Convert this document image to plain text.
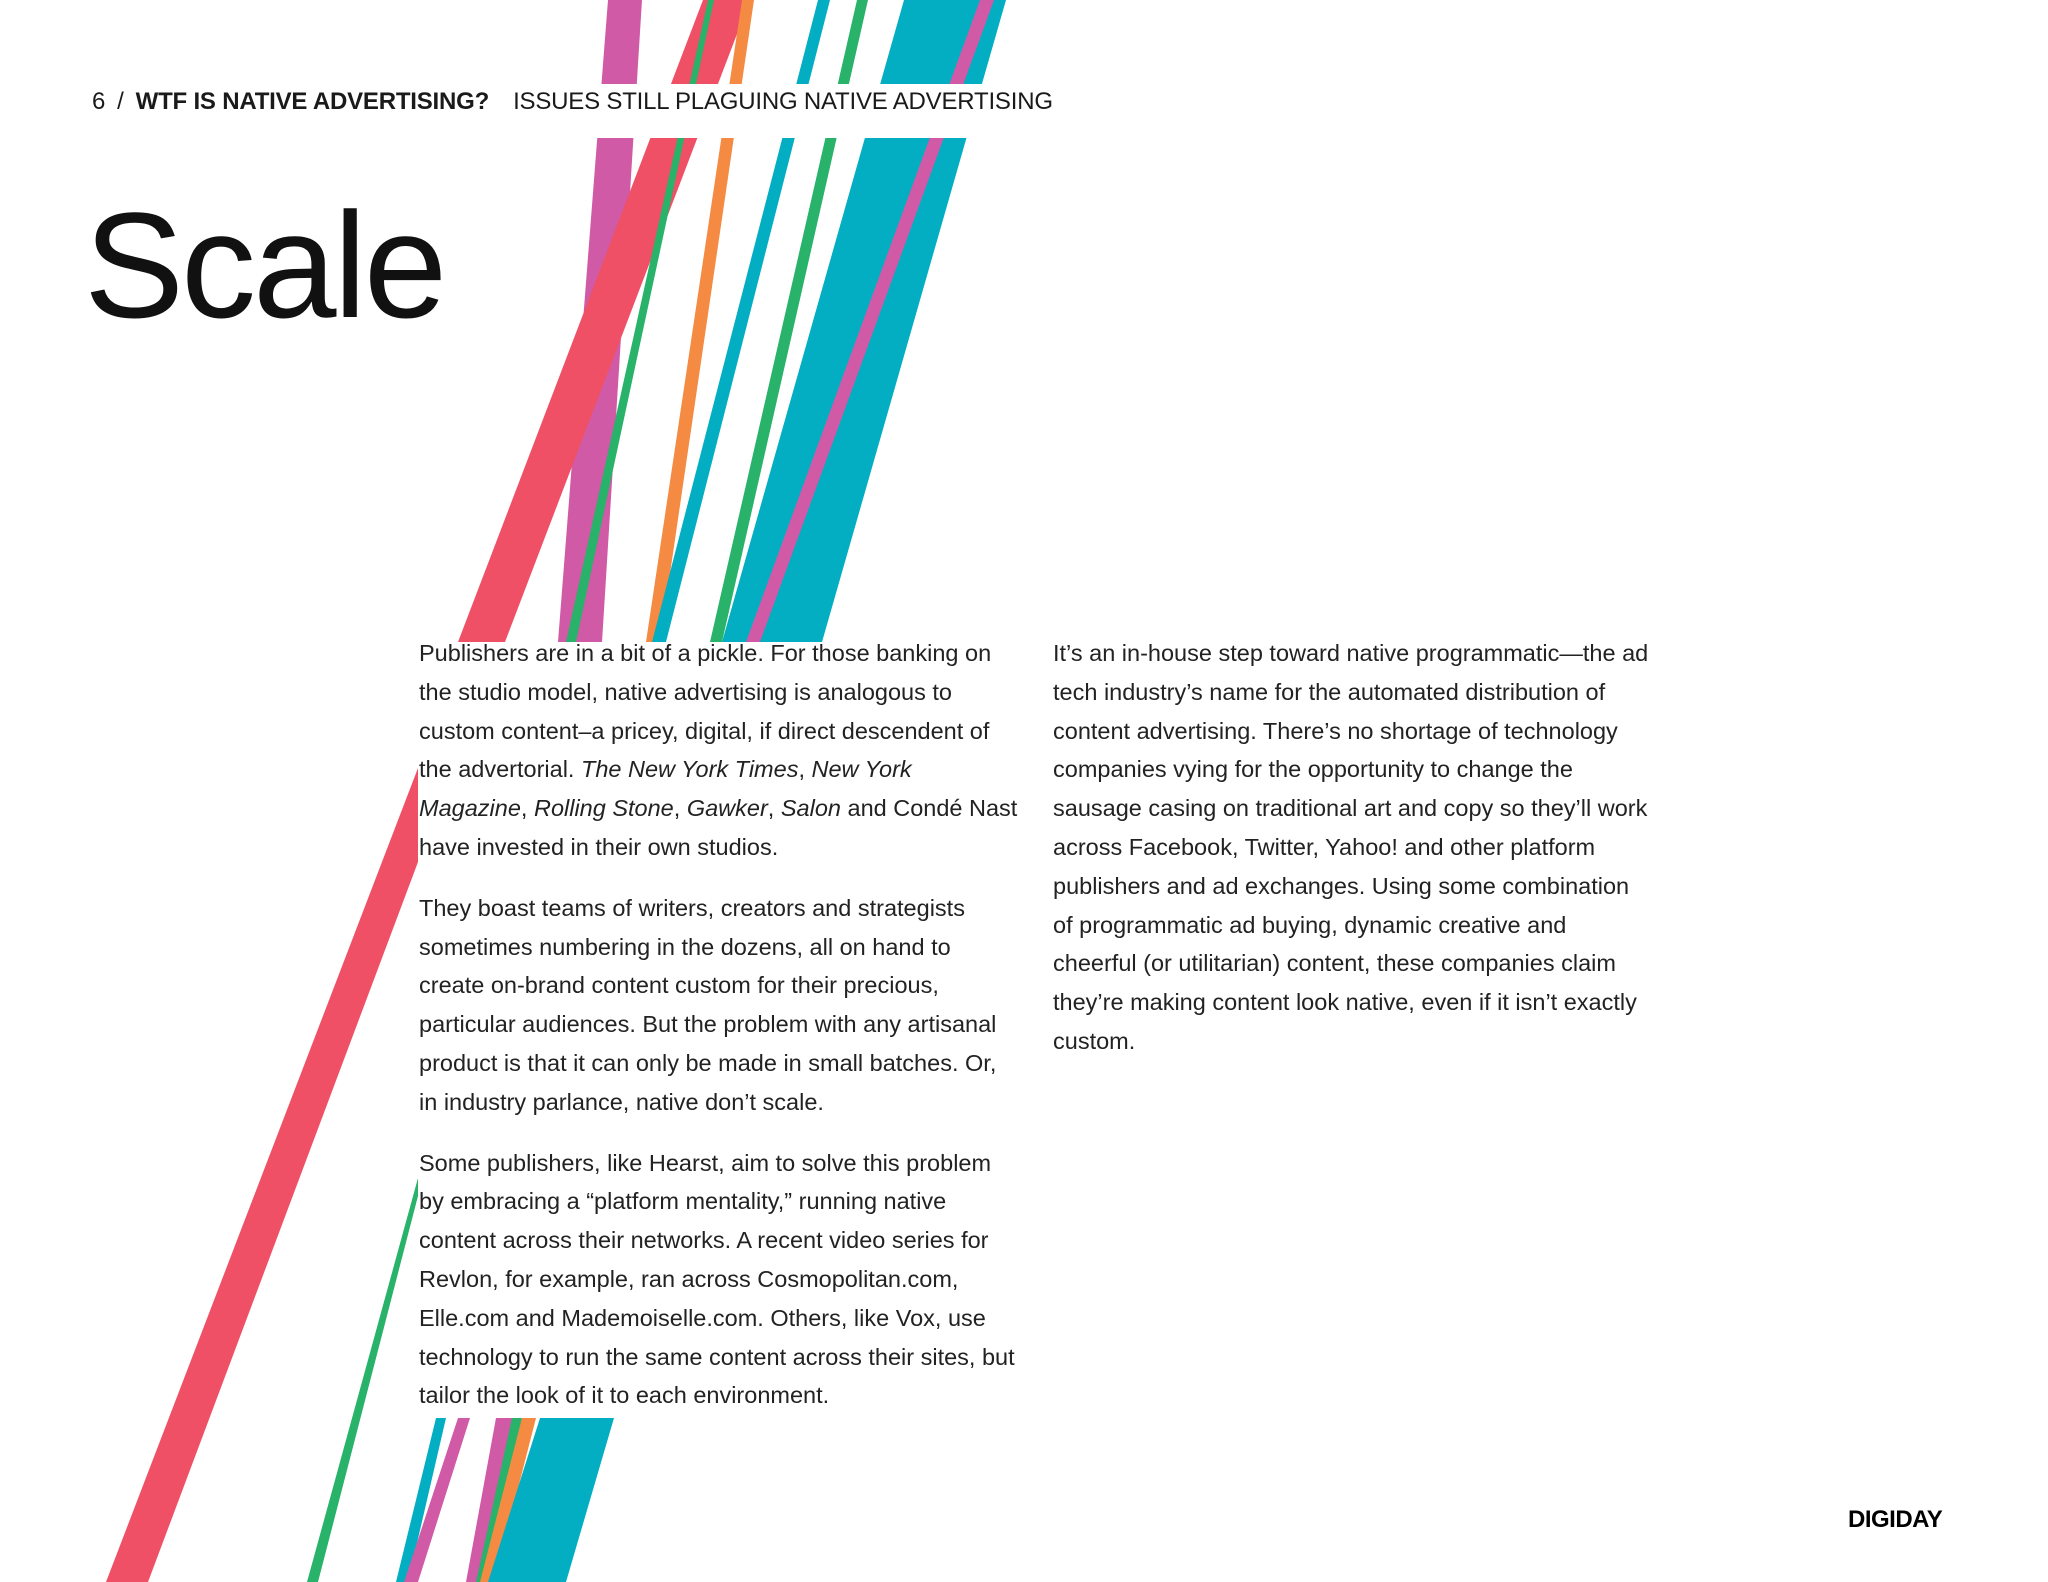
6 / WTF IS NATIVE ADVERTISING? ISSUES STILL PLAGUING NATIVE ADVERTISING
Scale

Publishers are in a bit of a pickle. For those banking on the studio model, native advertising is analogous to custom content–a pricey, digital, if direct descendent of the advertorial. The New York Times, New York Magazine, Rolling Stone, Gawker, Salon and Condé Nast have invested in their own studios.

They boast teams of writers, creators and strategists sometimes numbering in the dozens, all on hand to create on-brand content custom for their precious, particular audiences. But the problem with any artisanal product is that it can only be made in small batches. Or, in industry parlance, native don’t scale.

Some publishers, like Hearst, aim to solve this problem by embracing a “platform mentality,” running native content across their networks. A recent video series for Revlon, for example, ran across Cosmopolitan.com, Elle.com and Mademoiselle.com. Others, like Vox, use technology to run the same content across their sites, but tailor the look of it to each environment.

It’s an in-house step toward native programmatic—the ad tech industry’s name for the automated distribution of content advertising. There’s no shortage of technology companies vying for the opportunity to change the sausage casing on traditional art and copy so they’ll work across Facebook, Twitter, Yahoo! and other platform publishers and ad exchanges. Using some combination of programmatic ad buying, dynamic creative and cheerful (or utilitarian) content, these companies claim they’re making content look native, even if it isn’t exactly custom.

DIGIDAY
